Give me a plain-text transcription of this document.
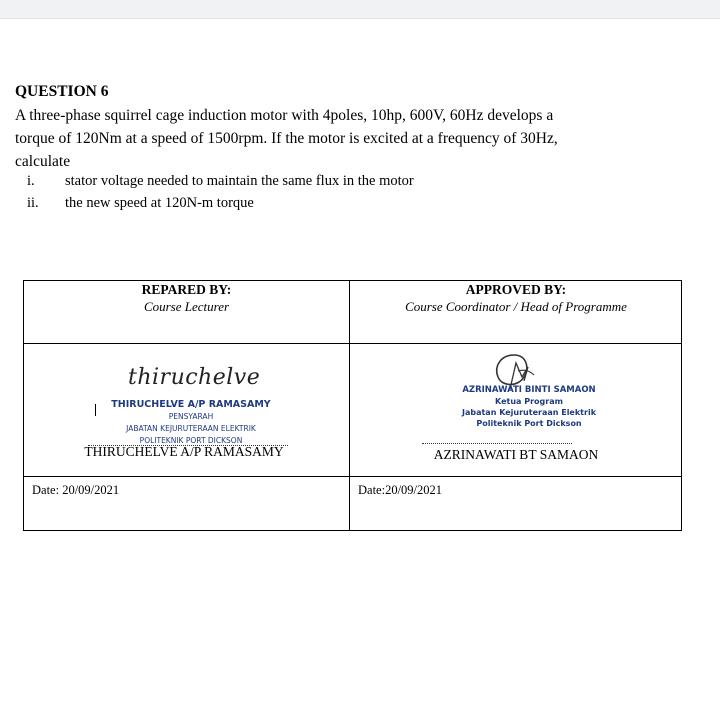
QUESTION 6

A three-phase squirrel cage induction motor with 4poles, 10hp, 600V, 60Hz develops a

torque of 120Nm at a speed of 1500rpm. If the motor is excited at a frequency of 30Hz,

calculate

i. stator voltage needed to maintain the same flux in the motor
ii. the new speed at 120N-m torque
REPARED BY:
Course Lecturer
thiruchelve
THIRUCHELVE A/P RAMASAMY
PENSYARAH
JABATAN KEJURUTERAAN ELEKTRIK
POLITEKNIK PORT DICKSON
THIRUCHELVE A/P RAMASAMY
Date: 20/09/2021
APPROVED BY:
Course Coordinator / Head of Programme
AZRINAWATI BINTI SAMAON
Ketua Program
Jabatan Kejuruteraan Elektrik
Politeknik Port Dickson
AZRINAWATI BT SAMAON
Date:20/09/2021
